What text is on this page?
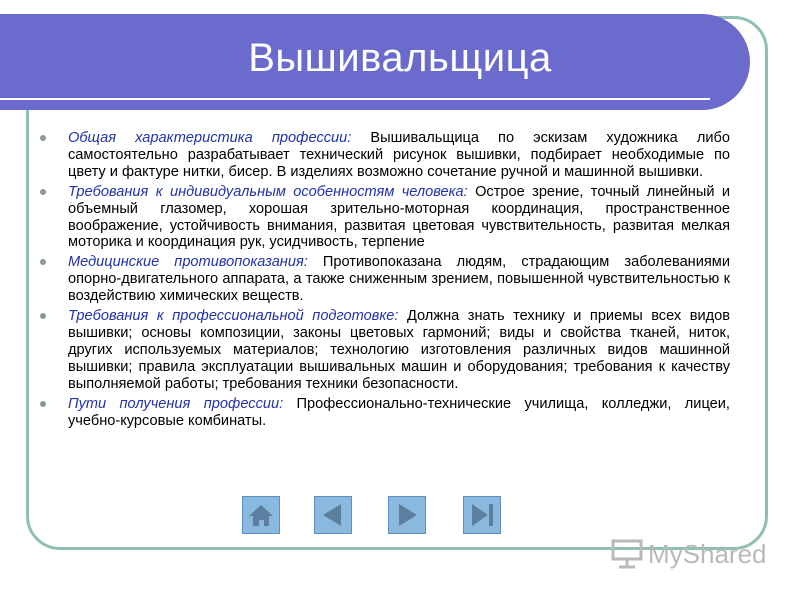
Вышивальщица
Общая характеристика профессии: Вышивальщица по эскизам художника либо самостоятельно разрабатывает технический рисунок вышивки, подбирает необходимые по цвету и фактуре нитки, бисер. В изделиях возможно сочетание ручной и машинной вышивки.
Требования к индивидуальным особенностям человека: Острое зрение, точный линейный и объемный глазомер, хорошая зрительно-моторная координация, пространственное воображение, устойчивость внимания, развитая цветовая чувствительность, развитая мелкая моторика и координация рук, усидчивость, терпение
Медицинские противопоказания: Противопоказана людям, страдающим заболеваниями опорно-двигательного аппарата, а также сниженным зрением, повышенной чувствительностью к воздействию химических веществ.
Требования к профессиональной подготовке: Должна знать технику и приемы всех видов вышивки; основы композиции, законы цветовых гармоний; виды и свойства тканей, ниток, других используемых материалов; технологию изготовления различных видов машинной вышивки; правила эксплуатации вышивальных машин и оборудования; требования к качеству выполняемой работы; требования техники безопасности.
Пути получения профессии: Профессионально-технические училища, колледжи, лицеи, учебно-курсовые комбинаты.
MyShared
